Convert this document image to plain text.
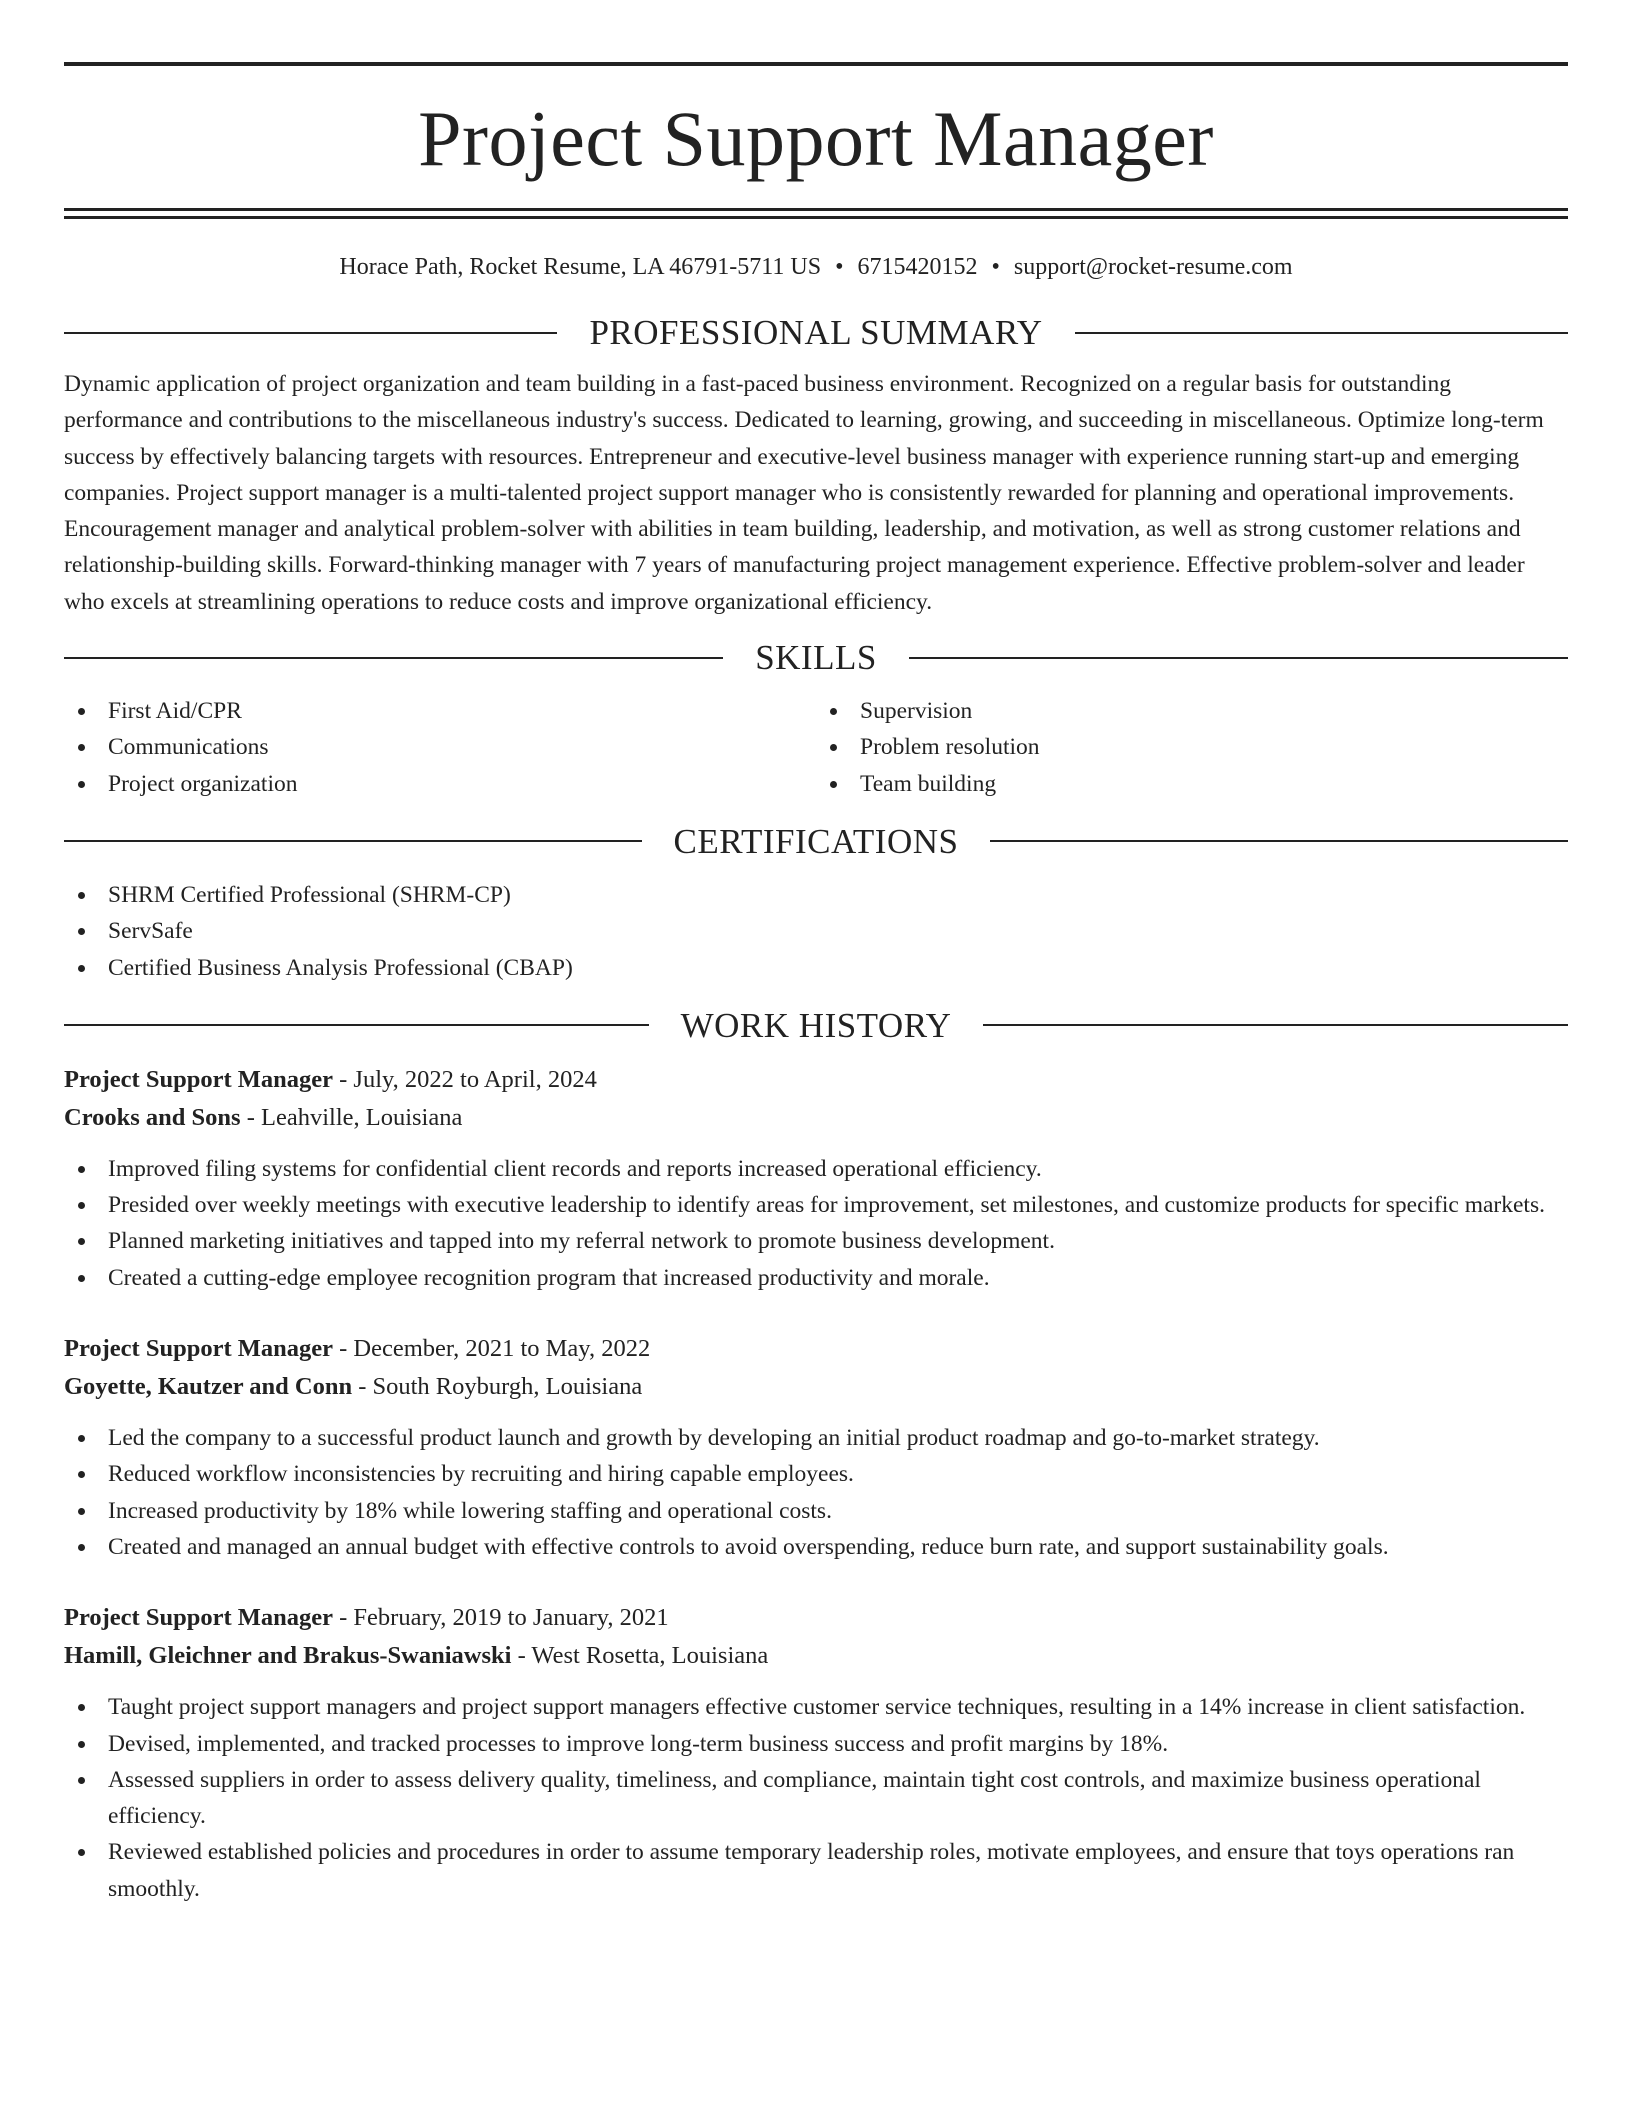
Project Support Manager
Horace Path, Rocket Resume, LA 46791-5711 US • 6715420152 • support@rocket-resume.com
PROFESSIONAL SUMMARY

Dynamic application of project organization and team building in a fast-paced business environment. Recognized on a regular basis for outstanding performance and contributions to the miscellaneous industry's success. Dedicated to learning, growing, and succeeding in miscellaneous. Optimize long-term success by effectively balancing targets with resources. Entrepreneur and executive-level business manager with experience running start-up and emerging companies. Project support manager is a multi-talented project support manager who is consistently rewarded for planning and operational improvements. Encouragement manager and analytical problem-solver with abilities in team building, leadership, and motivation, as well as strong customer relations and relationship-building skills. Forward-thinking manager with 7 years of manufacturing project management experience. Effective problem-solver and leader who excels at streamlining operations to reduce costs and improve organizational efficiency.

SKILLS
First Aid/CPR
Communications
Project organization
Supervision
Problem resolution
Team building
CERTIFICATIONS
SHRM Certified Professional (SHRM-CP)
ServSafe
Certified Business Analysis Professional (CBAP)
WORK HISTORY
Project Support Manager - July, 2022 to April, 2024
Crooks and Sons - Leahville, Louisiana
Improved filing systems for confidential client records and reports increased operational efficiency.
Presided over weekly meetings with executive leadership to identify areas for improvement, set milestones, and customize products for specific markets.
Planned marketing initiatives and tapped into my referral network to promote business development.
Created a cutting-edge employee recognition program that increased productivity and morale.
Project Support Manager - December, 2021 to May, 2022
Goyette, Kautzer and Conn - South Royburgh, Louisiana
Led the company to a successful product launch and growth by developing an initial product roadmap and go-to-market strategy.
Reduced workflow inconsistencies by recruiting and hiring capable employees.
Increased productivity by 18% while lowering staffing and operational costs.
Created and managed an annual budget with effective controls to avoid overspending, reduce burn rate, and support sustainability goals.
Project Support Manager - February, 2019 to January, 2021
Hamill, Gleichner and Brakus-Swaniawski - West Rosetta, Louisiana
Taught project support managers and project support managers effective customer service techniques, resulting in a 14% increase in client satisfaction.
Devised, implemented, and tracked processes to improve long-term business success and profit margins by 18%.
Assessed suppliers in order to assess delivery quality, timeliness, and compliance, maintain tight cost controls, and maximize business operational efficiency.
Reviewed established policies and procedures in order to assume temporary leadership roles, motivate employees, and ensure that toys operations ran smoothly.
